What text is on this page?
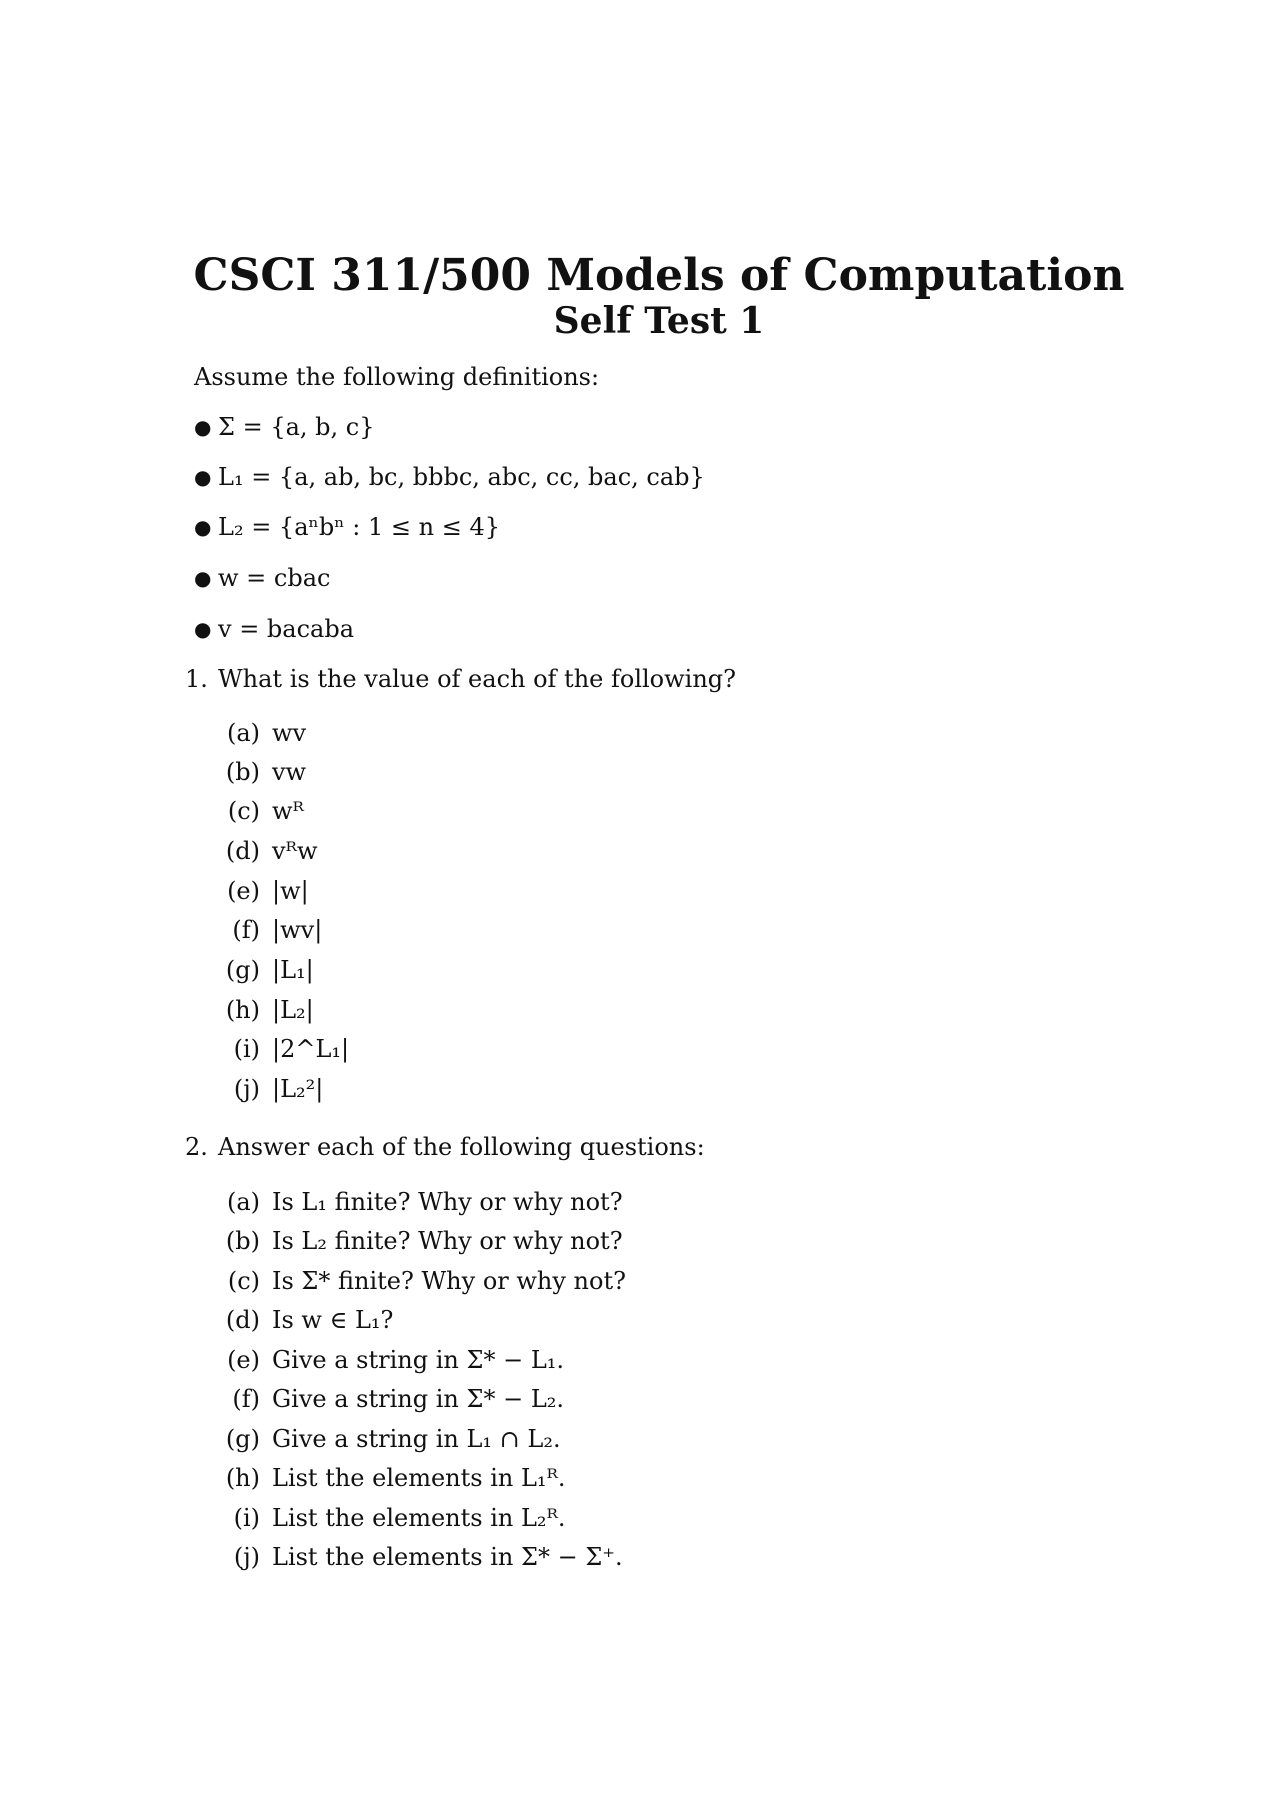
CSCI 311/500 Models of Computation
Self Test 1
Assume the following definitions:
● Σ = {a, b, c}
● L₁ = {a, ab, bc, bbbc, abc, cc, bac, cab}
● L₂ = {aⁿbⁿ : 1 ≤ n ≤ 4}
● w = cbac
● v = bacaba
1. What is the value of each of the following?
(a) wv
(b) vw
(c) wᴿ
(d) vᴿw
(e) |w|
(f) |wv|
(g) |L₁|
(h) |L₂|
(i) |2^L₁|
(j) |L₂²|
2. Answer each of the following questions:
(a) Is L₁ finite? Why or why not?
(b) Is L₂ finite? Why or why not?
(c) Is Σ* finite? Why or why not?
(d) Is w ∈ L₁?
(e) Give a string in Σ* − L₁.
(f) Give a string in Σ* − L₂.
(g) Give a string in L₁ ∩ L₂.
(h) List the elements in L₁ᴿ.
(i) List the elements in L₂ᴿ.
(j) List the elements in Σ* − Σ⁺.
